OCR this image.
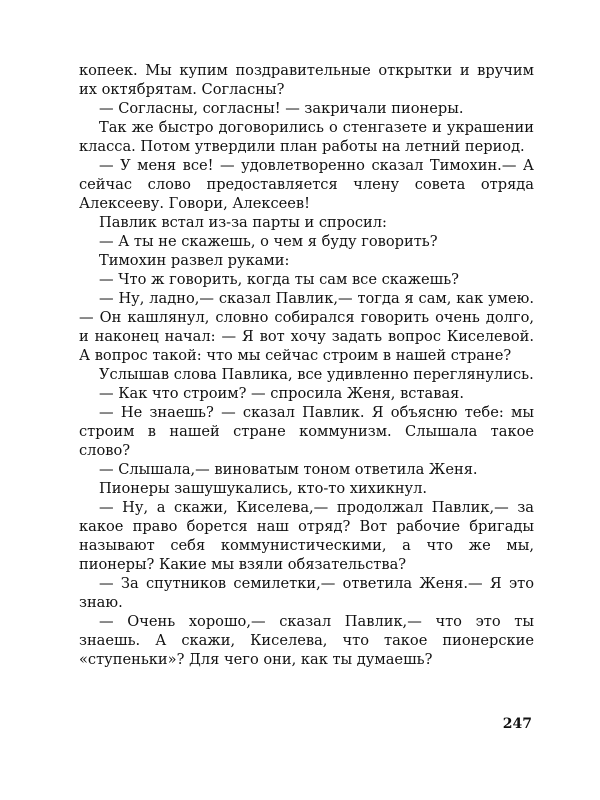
копеек. Мы купим поздравительные открытки и вручим их октябрятам. Согласны?

— Согласны, согласны! — закричали пионеры.

Так же быстро договорились о стенгазете и украшении класса. Потом утвердили план работы на летний период.

— У меня все! — удовлетворенно сказал Тимохин.— А сейчас слово предоставляется члену совета отряда Алексееву. Говори, Алексеев!

Павлик встал из-за парты и спросил:

— А ты не скажешь, о чем я буду говорить?

Тимохин развел руками:

— Что ж говорить, когда ты сам все скажешь?

— Ну, ладно,— сказал Павлик,— тогда я сам, как умею.— Он кашлянул, словно собирался говорить очень долго, и наконец начал: — Я вот хочу задать вопрос Киселевой. А вопрос такой: что мы сейчас строим в нашей стране?

Услышав слова Павлика, все удивленно переглянулись.

— Как что строим? — спросила Женя, вставая.

— Не знаешь? — сказал Павлик. Я объясню тебе: мы строим в нашей стране коммунизм. Слышала такое слово?

— Слышала,— виноватым тоном ответила Женя.

Пионеры зашушукались, кто-то хихикнул.

— Ну, а скажи, Киселева,— продолжал Павлик,— за какое право борется наш отряд? Вот рабочие бригады называют себя коммунистическими, а что же мы, пионеры? Какие мы взяли обязательства?

— За спутников семилетки,— ответила Женя.— Я это знаю.

— Очень хорошо,— сказал Павлик,— что это ты знаешь. А скажи, Киселева, что такое пионерские «ступеньки»? Для чего они, как ты думаешь?

247
